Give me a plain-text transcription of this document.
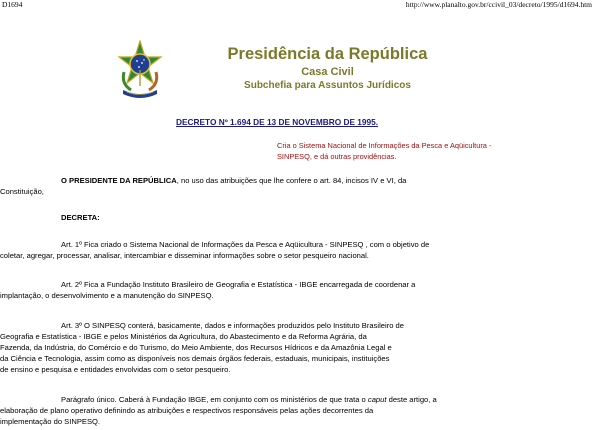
D1694	http://www.planalto.gov.br/ccivil_03/decreto/1995/d1694.htm
Presidência da República
Casa Civil
Subchefia para Assuntos Jurídicos
DECRETO Nº 1.694 DE 13 DE NOVEMBRO DE 1995.
Cria o Sistema Nacional de Informações da Pesca e Aqüicultura -
SINPESQ, e dá outras providências.
O PRESIDENTE DA REPÚBLICA, no uso das atribuições que lhe confere o art. 84, incisos IV e VI, da
Constituição,
DECRETA:
Art. 1º Fica criado o Sistema Nacional de Informações da Pesca e Aqüicultura - SINPESQ , com o objetivo de
coletar, agregar, processar, analisar, intercambiar e disseminar informações sobre o setor pesqueiro nacional.
Art. 2º Fica a Fundação Instituto Brasileiro de Geografia e Estatística - IBGE encarregada de coordenar a
implantação, o desenvolvimento e a manutenção do SINPESQ.
Art. 3º O SINPESQ conterá, basicamente, dados e informações produzidos pelo Instituto Brasileiro de
Geografia e Estatística - IBGE e pelos Ministérios da Agricultura, do Abastecimento e da Reforma Agrária, da
Fazenda, da Indústria, do Comércio e do Turismo, do Meio Ambiente, dos Recursos Hídricos e da Amazônia Legal e
da Ciência e Tecnologia, assim como as disponíveis nos demais órgãos federais, estaduais, municipais, instituições
de ensino e pesquisa e entidades envolvidas com o setor pesqueiro.
Parágrafo único. Caberá à Fundação IBGE, em conjunto com os ministérios de que trata o caput deste artigo, a
elaboração de plano operativo definindo as atribuições e respectivos responsáveis pelas ações decorrentes da
implementação do SINPESQ.
